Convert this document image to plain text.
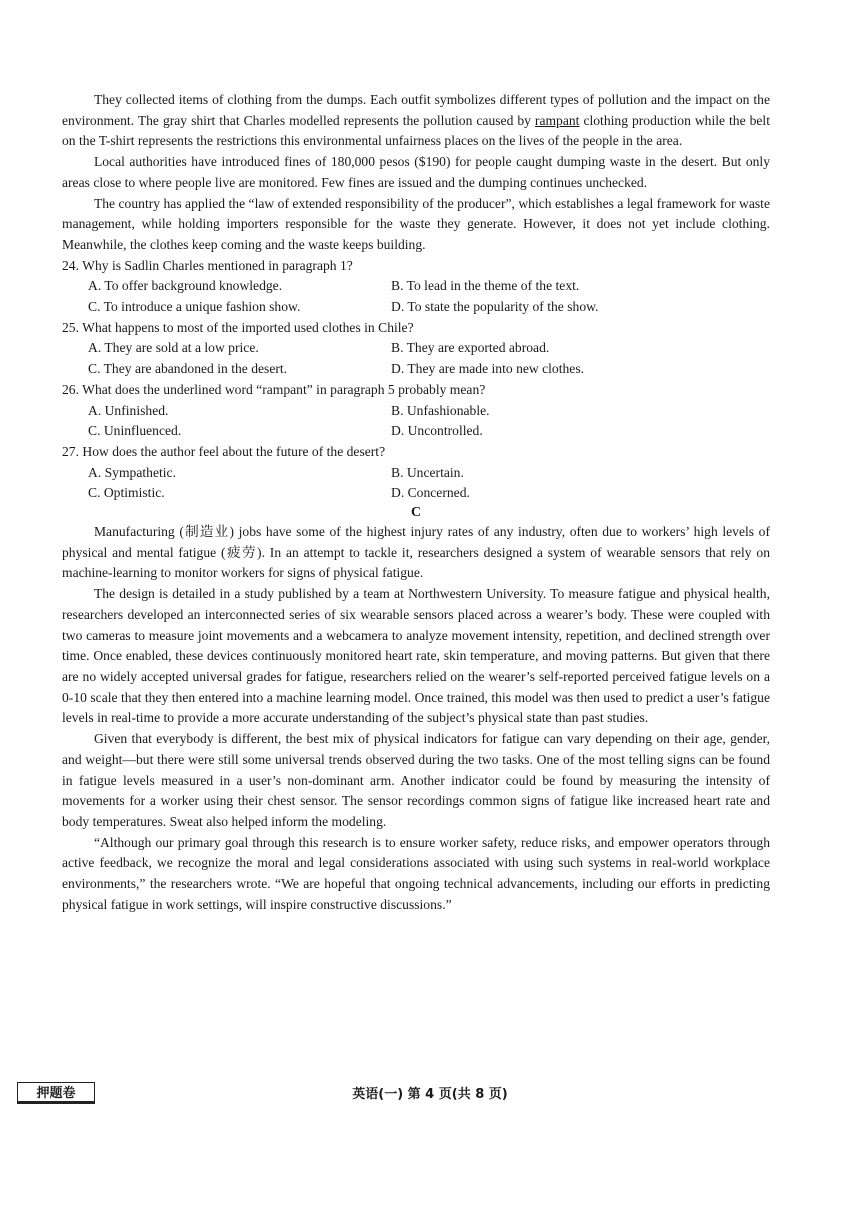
They collected items of clothing from the dumps. Each outfit symbolizes different types of pollution and the impact on the environment. The gray shirt that Charles modelled represents the pollution caused by rampant clothing production while the belt on the T-shirt represents the restrictions this environmental unfairness places on the lives of the people in the area.

Local authorities have introduced fines of 180,000 pesos ($190) for people caught dumping waste in the desert. But only areas close to where people live are monitored. Few fines are issued and the dumping continues unchecked.

The country has applied the “law of extended responsibility of the producer”, which establishes a legal framework for waste management, while holding importers responsible for the waste they generate. However, it does not yet include clothing. Meanwhile, the clothes keep coming and the waste keeps building.

24. Why is Sadlin Charles mentioned in paragraph 1?

A. To offer background knowledge.	B. To lead in the theme of the text.

C. To introduce a unique fashion show.	D. To state the popularity of the show.

25. What happens to most of the imported used clothes in Chile?

A. They are sold at a low price.	B. They are exported abroad.

C. They are abandoned in the desert.	D. They are made into new clothes.

26. What does the underlined word “rampant” in paragraph 5 probably mean?

A. Unfinished.	B. Unfashionable.

C. Uninfluenced.	D. Uncontrolled.

27. How does the author feel about the future of the desert?

A. Sympathetic.	B. Uncertain.

C. Optimistic.	D. Concerned.

C

Manufacturing (制造业) jobs have some of the highest injury rates of any industry, often due to workers’ high levels of physical and mental fatigue (疲劳). In an attempt to tackle it, researchers designed a system of wearable sensors that rely on machine-learning to monitor workers for signs of physical fatigue.

The design is detailed in a study published by a team at Northwestern University. To measure fatigue and physical health, researchers developed an interconnected series of six wearable sensors placed across a wearer’s body. These were coupled with two cameras to measure joint movements and a webcamera to analyze movement intensity, repetition, and declined strength over time. Once enabled, these devices continuously monitored heart rate, skin temperature, and moving patterns. But given that there are no widely accepted universal grades for fatigue, researchers relied on the wearer’s self-reported perceived fatigue levels on a 0-10 scale that they then entered into a machine learning model. Once trained, this model was then used to predict a user’s fatigue levels in real-time to provide a more accurate understanding of the subject’s physical state than past studies.

Given that everybody is different, the best mix of physical indicators for fatigue can vary depending on their age, gender, and weight—but there were still some universal trends observed during the two tasks. One of the most telling signs can be found in fatigue levels measured in a user’s non-dominant arm. Another indicator could be found by measuring the intensity of movements for a worker using their chest sensor. The sensor recordings common signs of fatigue like increased heart rate and body temperatures. Sweat also helped inform the modeling.

“Although our primary goal through this research is to ensure worker safety, reduce risks, and empower operators through active feedback, we recognize the moral and legal considerations associated with using such systems in real-world workplace environments,” the researchers wrote. “We are hopeful that ongoing technical advancements, including our efforts in predicting physical fatigue in work settings, will inspire constructive discussions.”

押题卷	英语(一) 第 4 页(共 8 页)
